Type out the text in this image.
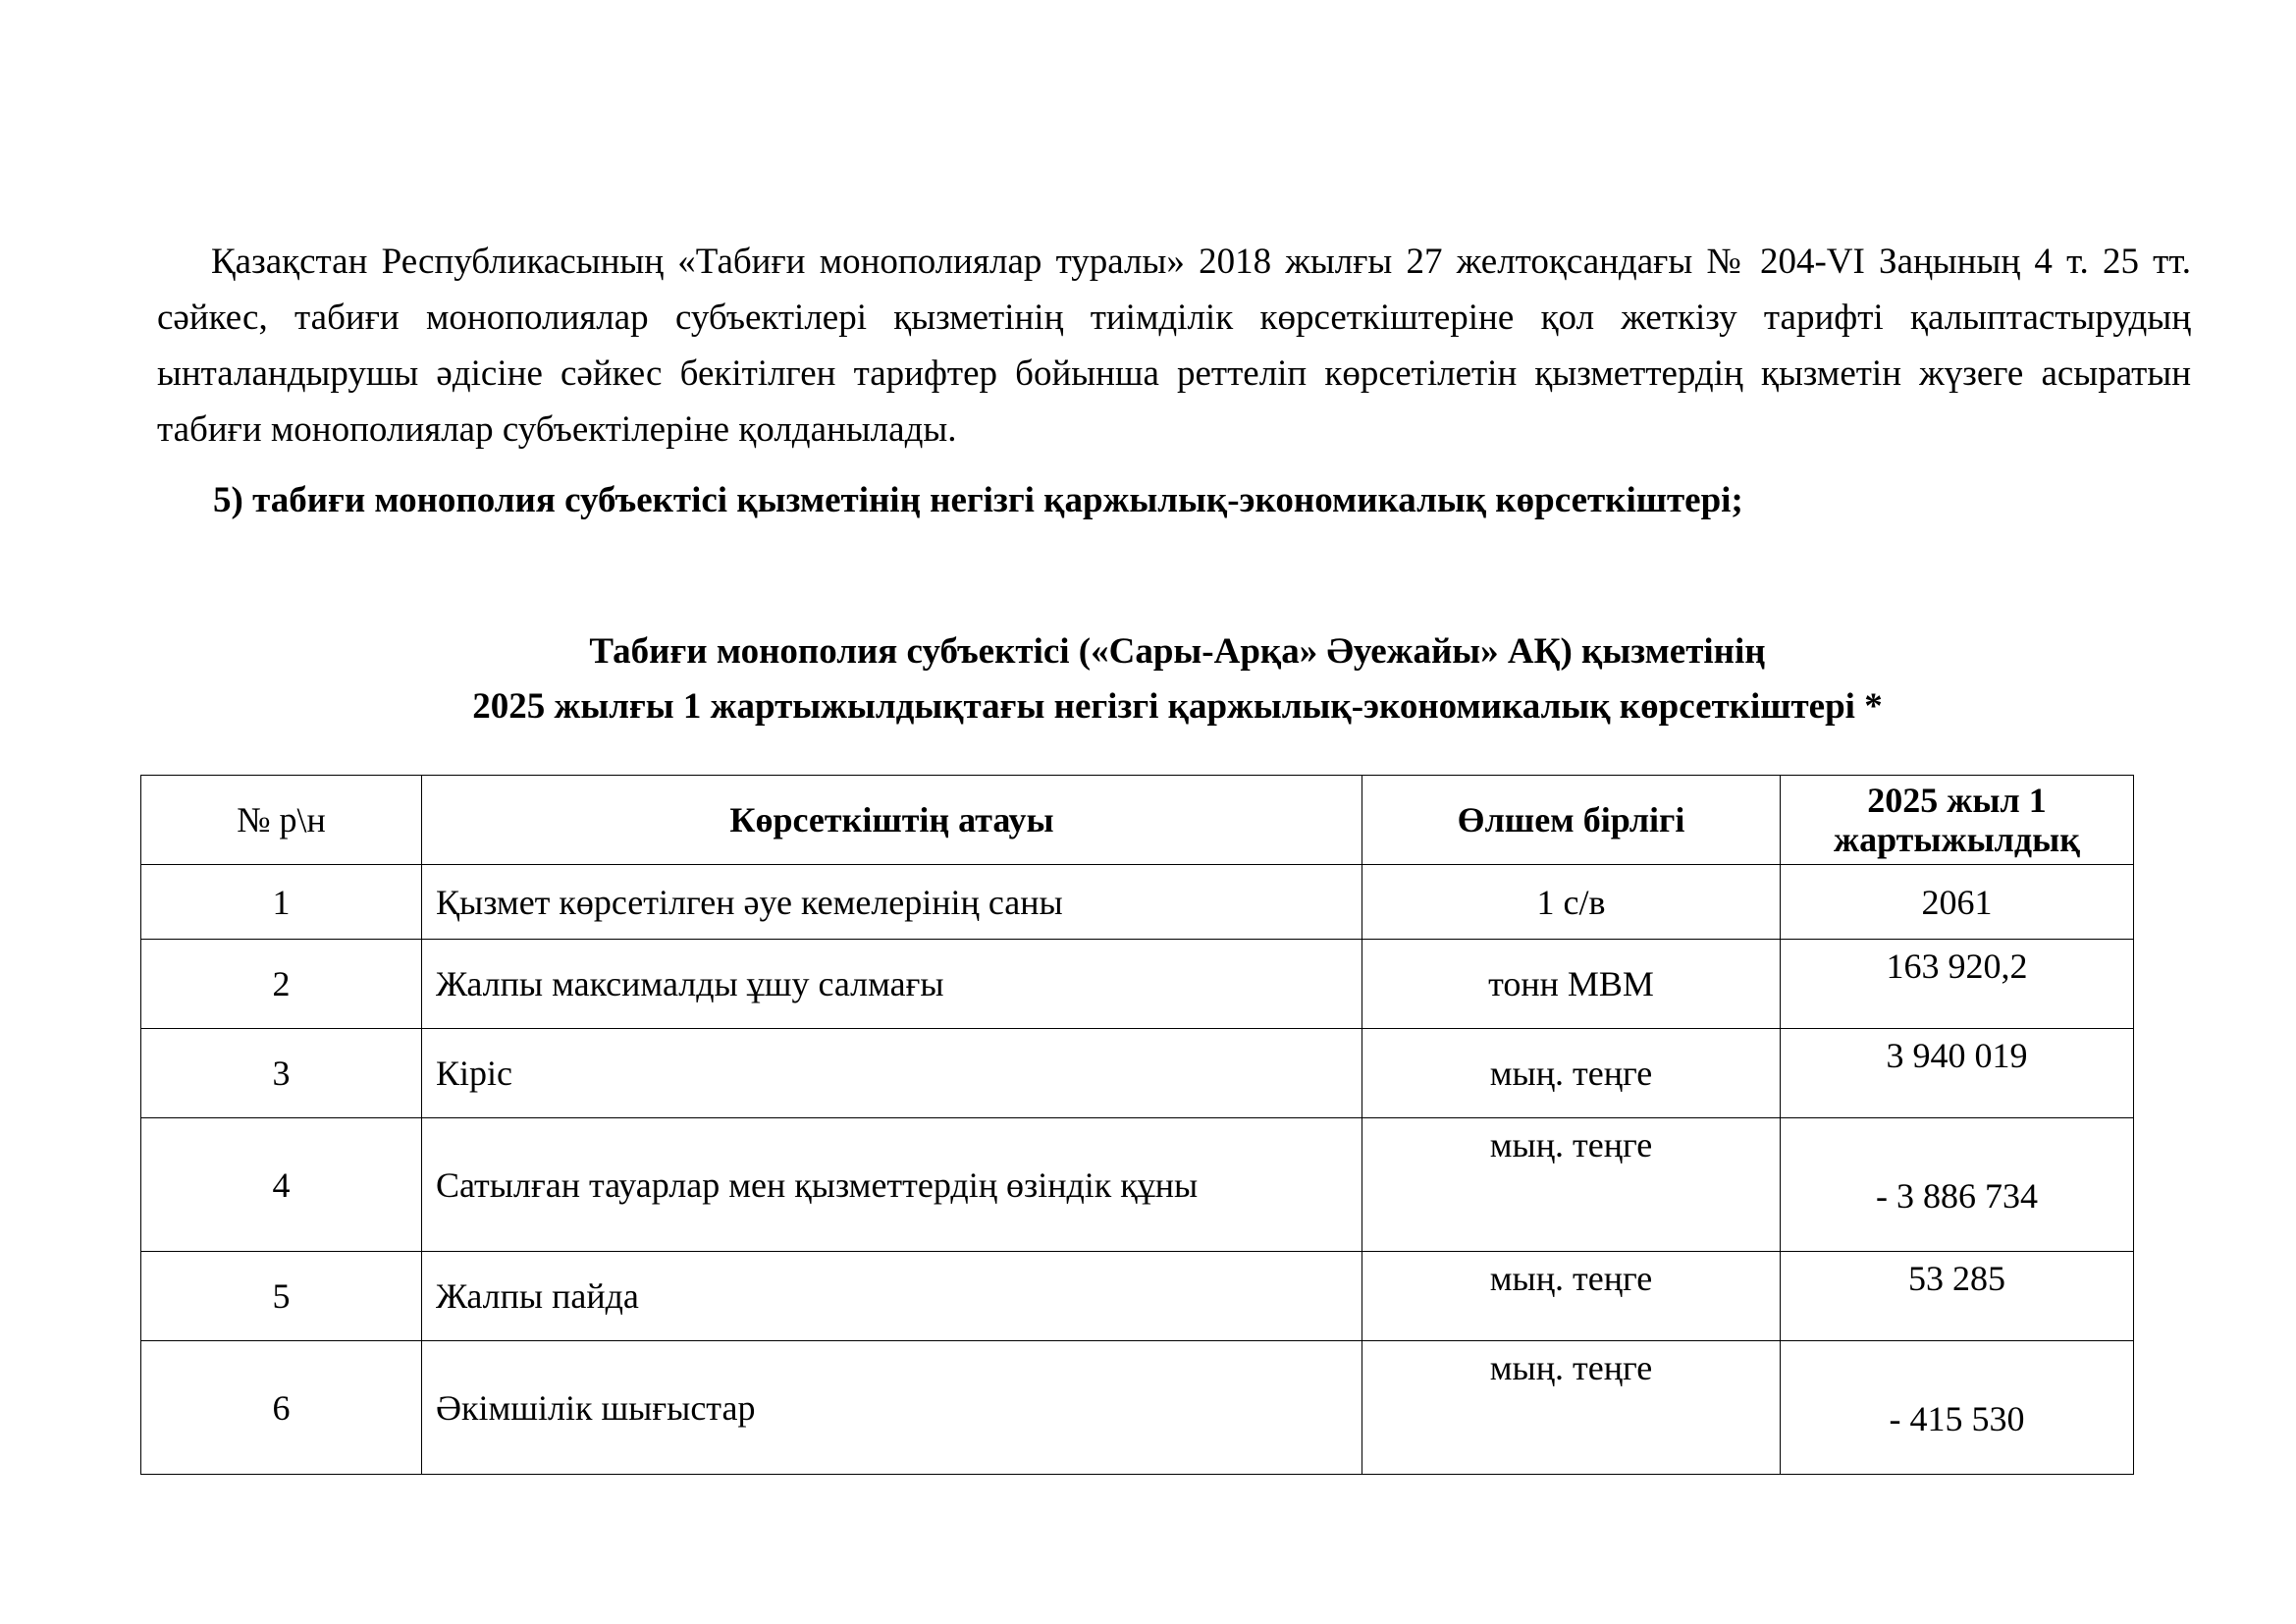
Қазақстан Республикасының «Табиғи монополиялар туралы» 2018 жылғы 27 желтоқсандағы № 204-VI Заңының 4 т. 25 тт. сәйкес, табиғи монополиялар субъектілері қызметінің тиімділік көрсеткіштеріне қол жеткізу тарифті қалыптастырудың ынталандырушы әдісіне сәйкес бекітілген тарифтер бойынша реттеліп көрсетілетін қызметтердің қызметін жүзеге асыратын табиғи монополиялар субъектілеріне қолданылады.

5) табиғи монополия субъектісі қызметінің негізгі қаржылық-экономикалық көрсеткіштері;

Табиғи монополия субъектісі («Сары-Арқа» Әуежайы» АҚ) қызметінің
2025 жылғы 1 жартыжылдықтағы негізгі қаржылық-экономикалық көрсеткіштері *
№ р\н	Көрсеткіштің атауы	Өлшем бірлігі	2025 жыл 1 жартыжылдық
1	Қызмет көрсетілген әуе кемелерінің саны	1 с/в	2061
2	Жалпы максималды ұшу салмағы	тонн MBM	163 920,2
3	Кіріс	мың. теңге	3 940 019
4	Сатылған тауарлар мен қызметтердің өзіндік құны	мың. теңге	- 3 886 734

5	Жалпы пайда	мың. теңге	53 285
6	Әкімшілік шығыстар	мың. теңге	- 415 530
